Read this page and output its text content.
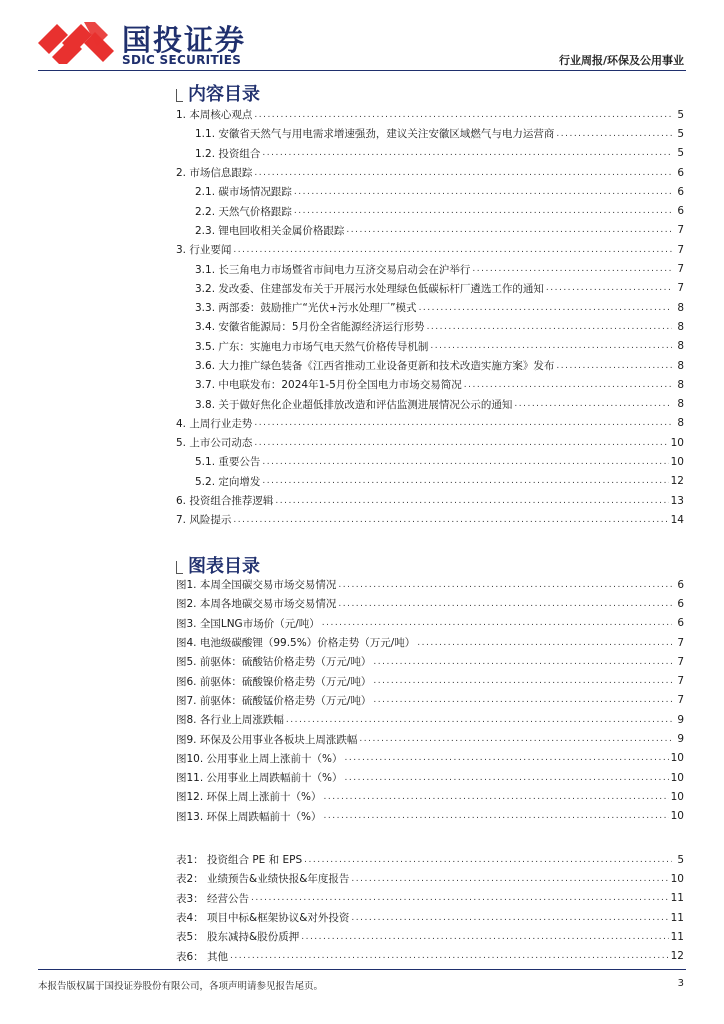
国投证券
SDIC SECURITIES	行业周报/环保及公用事业
内容目录
1. 本周核心观点 .....	5
1.1. 安徽省天然气与用电需求增速强劲，建议关注安徽区域燃气与电力运营商 .....	5
1.2. 投资组合 .....	5
2. 市场信息跟踪 .....	6
2.1. 碳市场情况跟踪 .....	6
2.2. 天然气价格跟踪 .....	6
2.3. 锂电回收相关金属价格跟踪 .....	7
3. 行业要闻 .....	7
3.1. 长三角电力市场暨省市间电力互济交易启动会在沪举行 .....	7
3.2. 发改委、住建部发布关于开展污水处理绿色低碳标杆厂遴选工作的通知 .....	7
3.3. 两部委：鼓励推广“光伏+污水处理厂”模式 .....	8
3.4. 安徽省能源局：5月份全省能源经济运行形势 .....	8
3.5. 广东：实施电力市场气电天然气价格传导机制 .....	8
3.6. 大力推广绿色装备《江西省推动工业设备更新和技术改造实施方案》发布 .....	8
3.7. 中电联发布：2024年1-5月份全国电力市场交易简况 .....	8
3.8. 关于做好焦化企业超低排放改造和评估监测进展情况公示的通知 .....	8
4. 上周行业走势 .....	8
5. 上市公司动态 .....	10
5.1. 重要公告 .....	10
5.2. 定向增发 .....	12
6. 投资组合推荐逻辑 .....	13
7. 风险提示 .....	14
图表目录
图1. 本周全国碳交易市场交易情况 .....	6
图2. 本周各地碳交易市场交易情况 .....	6
图3. 全国LNG市场价（元/吨） .....	6
图4. 电池级碳酸锂（99.5%）价格走势（万元/吨） .....	7
图5. 前驱体：硫酸钴价格走势（万元/吨） .....	7
图6. 前驱体：硫酸镍价格走势（万元/吨） .....	7
图7. 前驱体：硫酸锰价格走势（万元/吨） .....	7
图8. 各行业上周涨跌幅 .....	9
图9. 环保及公用事业各板块上周涨跌幅 .....	9
图10. 公用事业上周上涨前十（%） .....	10
图11. 公用事业上周跌幅前十（%） .....	10
图12. 环保上周上涨前十（%） .....	10
图13. 环保上周跌幅前十（%） .....	10
表1： 投资组合 PE 和 EPS .....	5
表2： 业绩预告&业绩快报&年度报告 .....	10
表3： 经营公告 .....	11
表4： 项目中标&框架协议&对外投资 .....	11
表5： 股东减持&股份质押 .....	11
表6： 其他 .....	12
本报告版权属于国投证券股份有限公司，各项声明请参见报告尾页。	3
